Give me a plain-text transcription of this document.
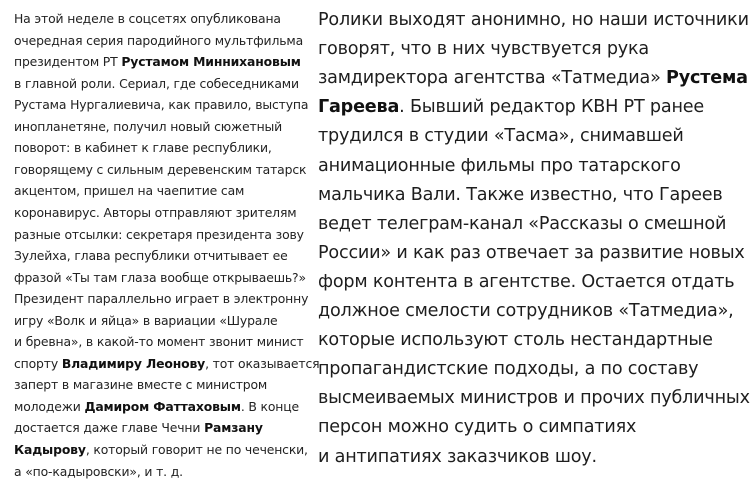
На этой неделе в соцсетях опубликована
очередная серия пародийного мультфильма
президентом РТ Рустамом Миннихановым
в главной роли. Сериал, где собеседниками
Рустама Нургалиевича, как правило, выступа
инопланетяне, получил новый сюжетный
поворот: в кабинет к главе республики,
говорящему с сильным деревенским татарск
акцентом, пришел на чаепитие сам
коронавирус. Авторы отправляют зрителям
разные отсылки: секретаря президента зову
Зулейха, глава республики отчитывает ее
фразой «Ты там глаза вообще открываешь?»
Президент параллельно играет в электронну
игру «Волк и яйца» в вариации «Шурале
и бревна», в какой-то момент звонит минист
спорту Владимиру Леонову, тот оказывается
заперт в магазине вместе с министром
молодежи Дамиром Фаттаховым. В конце
достается даже главе Чечни Рамзану
Кадырову, который говорит не по чеченски,
а «по-кадыровски», и т. д.
Ролики выходят анонимно, но наши источники
говорят, что в них чувствуется рука
замдиректора агентства «Татмедиа» Рустема
Гареева. Бывший редактор КВН РТ ранее
трудился в студии «Тасма», снимавшей
анимационные фильмы про татарского
мальчика Вали. Также известно, что Гареев
ведет телеграм-канал «Рассказы о смешной
России» и как раз отвечает за развитие новых
форм контента в агентстве. Остается отдать
должное смелости сотрудников «Татмедиа»,
которые используют столь нестандартные
пропагандистские подходы, а по составу
высмеиваемых министров и прочих публичных
персон можно судить о симпатиях
и антипатиях заказчиков шоу.
